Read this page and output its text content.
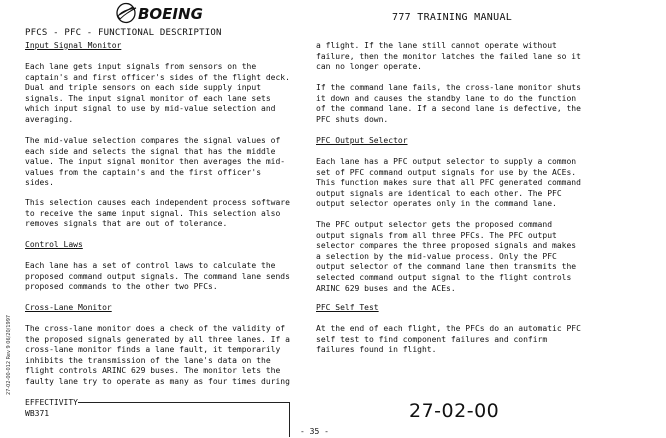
BOEING	777 TRAINING MANUAL
PFCS - PFC - FUNCTIONAL DESCRIPTION
Input Signal Monitor

Each lane gets input signals from sensors on the
captain's and first officer's sides of the flight deck.
Dual and triple sensors on each side supply input
signals. The input signal monitor of each lane sets
which input signal to use by mid-value selection and
averaging.

The mid-value selection compares the signal values of
each side and selects the signal that has the middle
value. The input signal monitor then averages the mid-
values from the captain's and the first officer's
sides.

This selection causes each independent process software
to receive the same input signal. This selection also
removes signals that are out of tolerance.

Control Laws

Each lane has a set of control laws to calculate the
proposed command output signals. The command lane sends
proposed commands to the other two PFCs.

Cross-Lane Monitor

The cross-lane monitor does a check of the validity of
the proposed signals generated by all three lanes. If a
cross-lane monitor finds a lane fault, it temporarily
inhibits the transmission of the lane's data on the
flight controls ARINC 629 buses. The monitor lets the
faulty lane try to operate as many as four times during

a flight. If the lane still cannot operate without
failure, then the monitor latches the failed lane so it
can no longer operate.

If the command lane fails, the cross-lane monitor shuts
it down and causes the standby lane to do the function
of the command lane. If a second lane is defective, the
PFC shuts down.

PFC Output Selector

Each lane has a PFC output selector to supply a common
set of PFC command output signals for use by the ACEs.
This function makes sure that all PFC generated command
output signals are identical to each other. The PFC
output selector operates only in the command lane.

The PFC output selector gets the proposed command
output signals from all three PFCs. The PFC output
selector compares the three proposed signals and makes
a selection by the mid-value process. Only the PFC
output selector of the command lane then transmits the
selected command output signal to the flight controls
ARINC 629 buses and the ACEs.

PFC Self Test

At the end of each flight, the PFCs do an automatic PFC
self test to find component failures and confirm
failures found in flight.

27-02-00-012 Rev 9 06/20/1997
EFFECTIVITY
WB371	27-02-00
- 35 -
